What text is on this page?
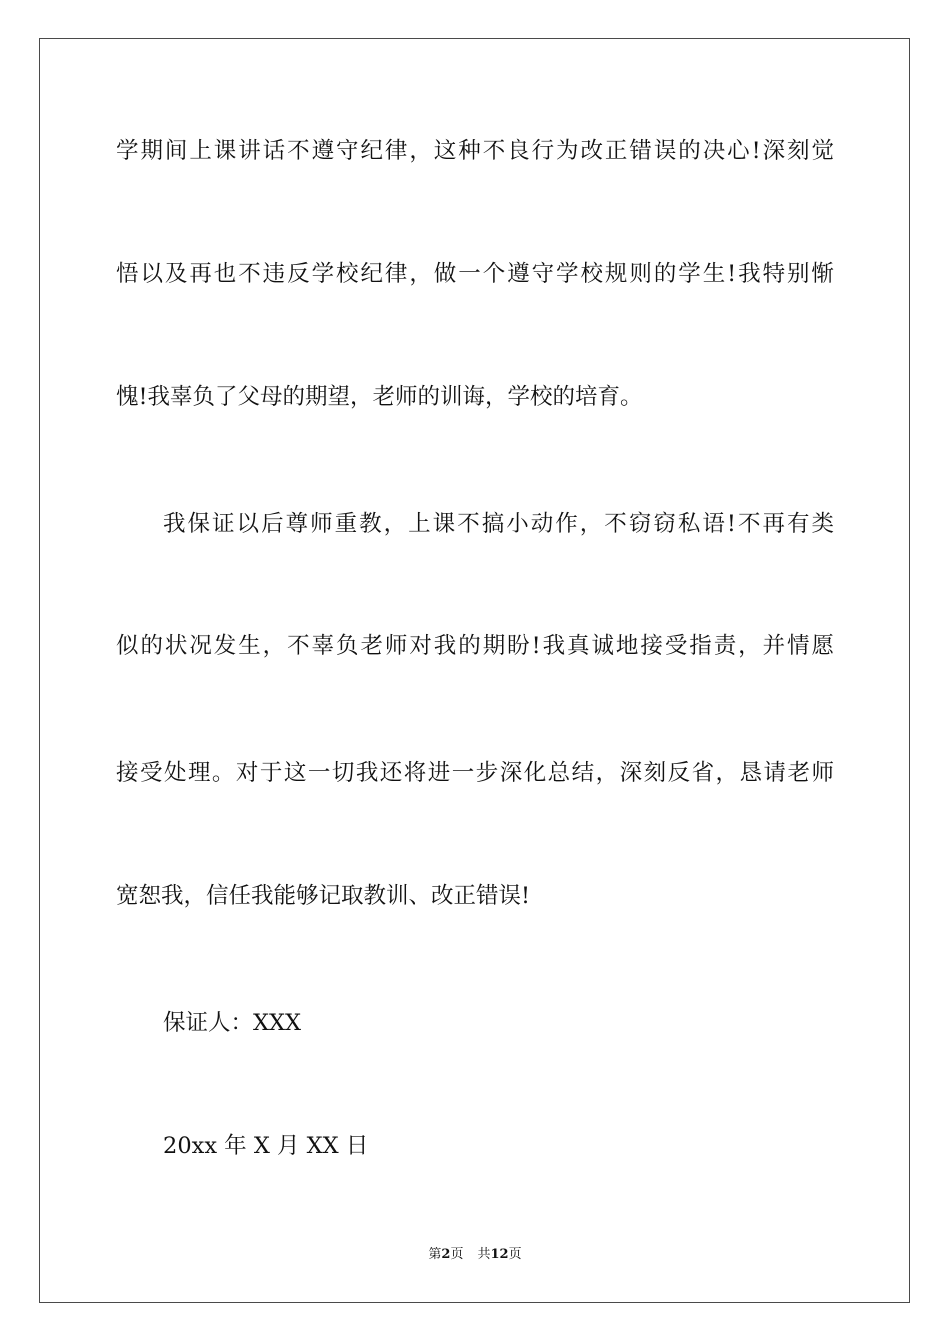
学期间上课讲话不遵守纪律，这种不良行为改正错误的决心!深刻觉
悟以及再也不违反学校纪律，做一个遵守学校规则的学生!我特别惭
愧!我辜负了父母的期望，老师的训诲，学校的培育。
我保证以后尊师重教，上课不搞小动作，不窃窃私语!不再有类
似的状况发生，不辜负老师对我的期盼!我真诚地接受指责，并情愿
接受处理。对于这一切我还将进一步深化总结，深刻反省，恳请老师
宽恕我，信任我能够记取教训、改正错误!
保证人：XXX
20xx 年 X 月 XX 日
第2页 共12页
